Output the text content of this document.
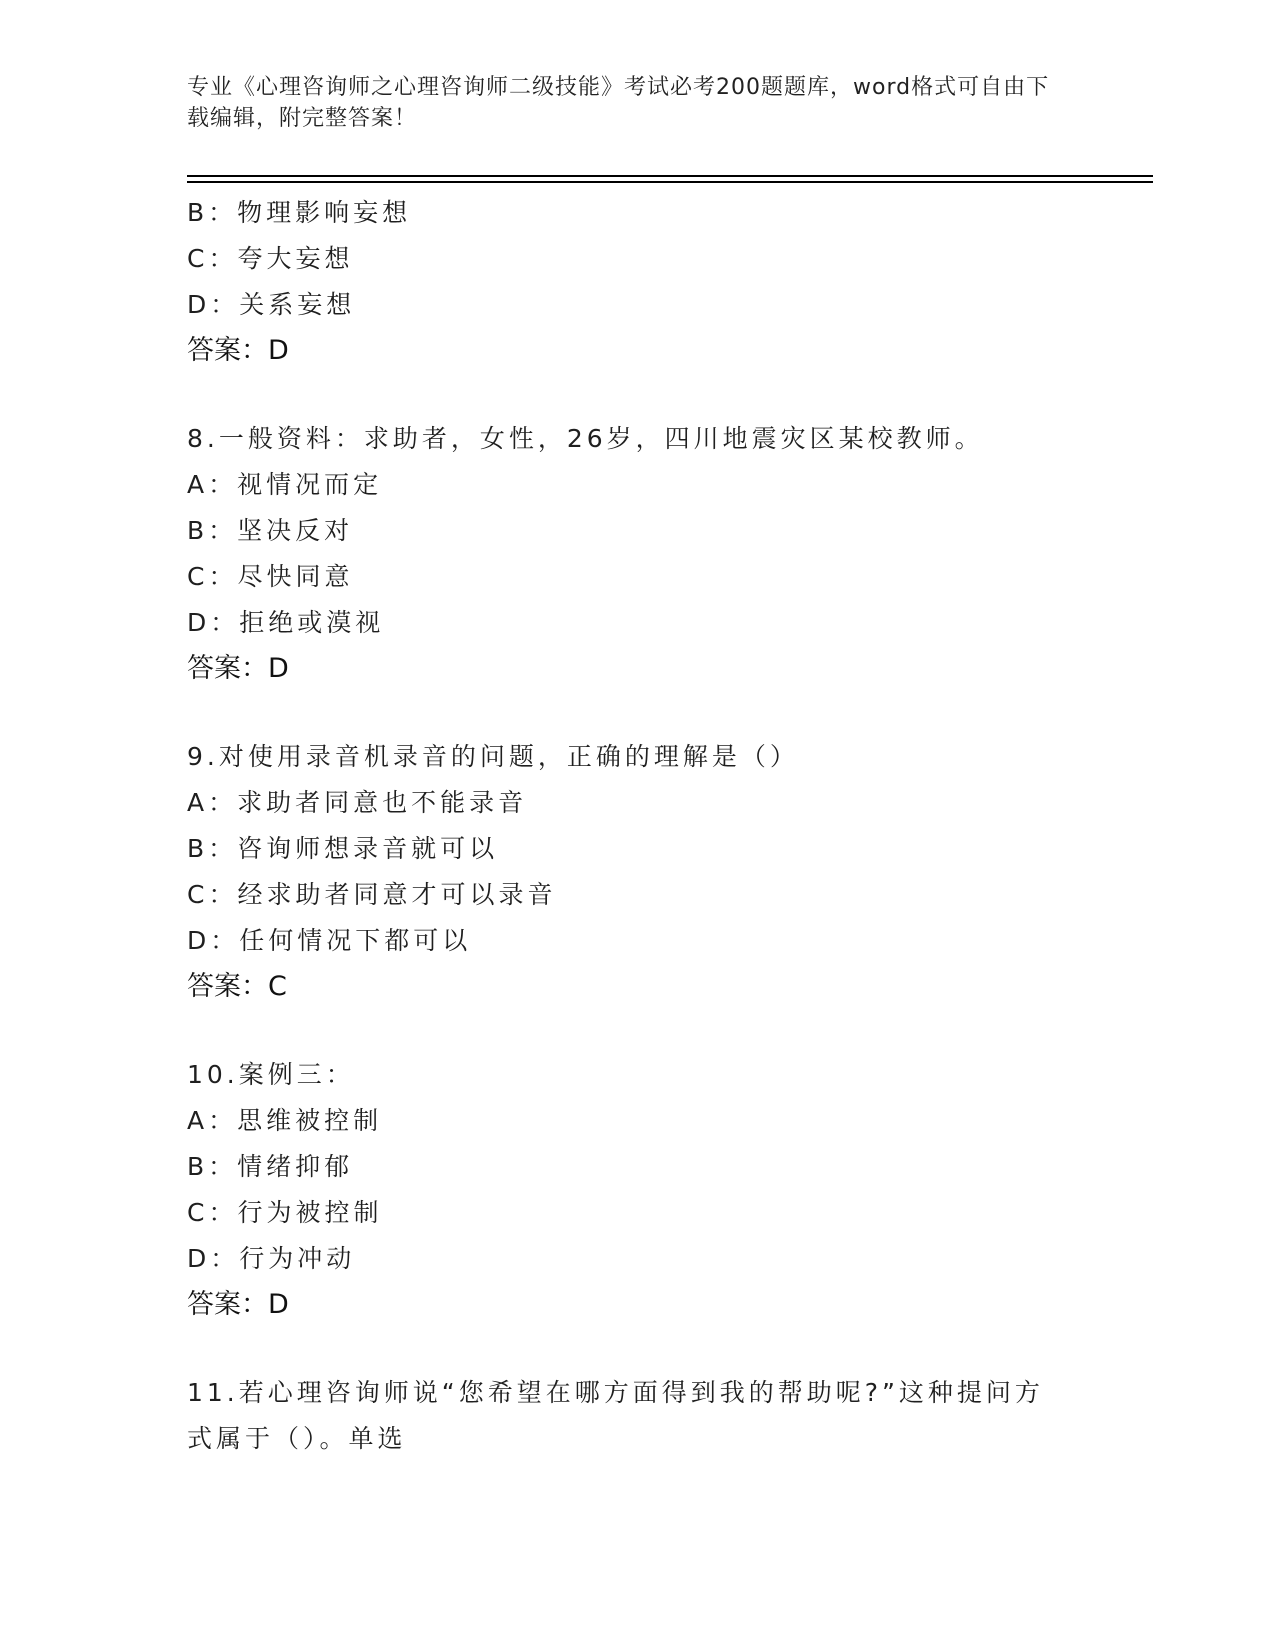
专业《心理咨询师之心理咨询师二级技能》考试必考200题题库，word格式可自由下载编辑，附完整答案！
B：物理影响妄想
C：夸大妄想
D：关系妄想
答案：D
8.一般资料：求助者，女性，26岁，四川地震灾区某校教师。
A：视情况而定
B：坚决反对
C：尽快同意
D：拒绝或漠视
答案：D
9.对使用录音机录音的问题，正确的理解是（）
A：求助者同意也不能录音
B：咨询师想录音就可以
C：经求助者同意才可以录音
D：任何情况下都可以
答案：C
10.案例三：
A：思维被控制
B：情绪抑郁
C：行为被控制
D：行为冲动
答案：D
11.若心理咨询师说“您希望在哪方面得到我的帮助呢?”这种提问方式属于（）。单选
